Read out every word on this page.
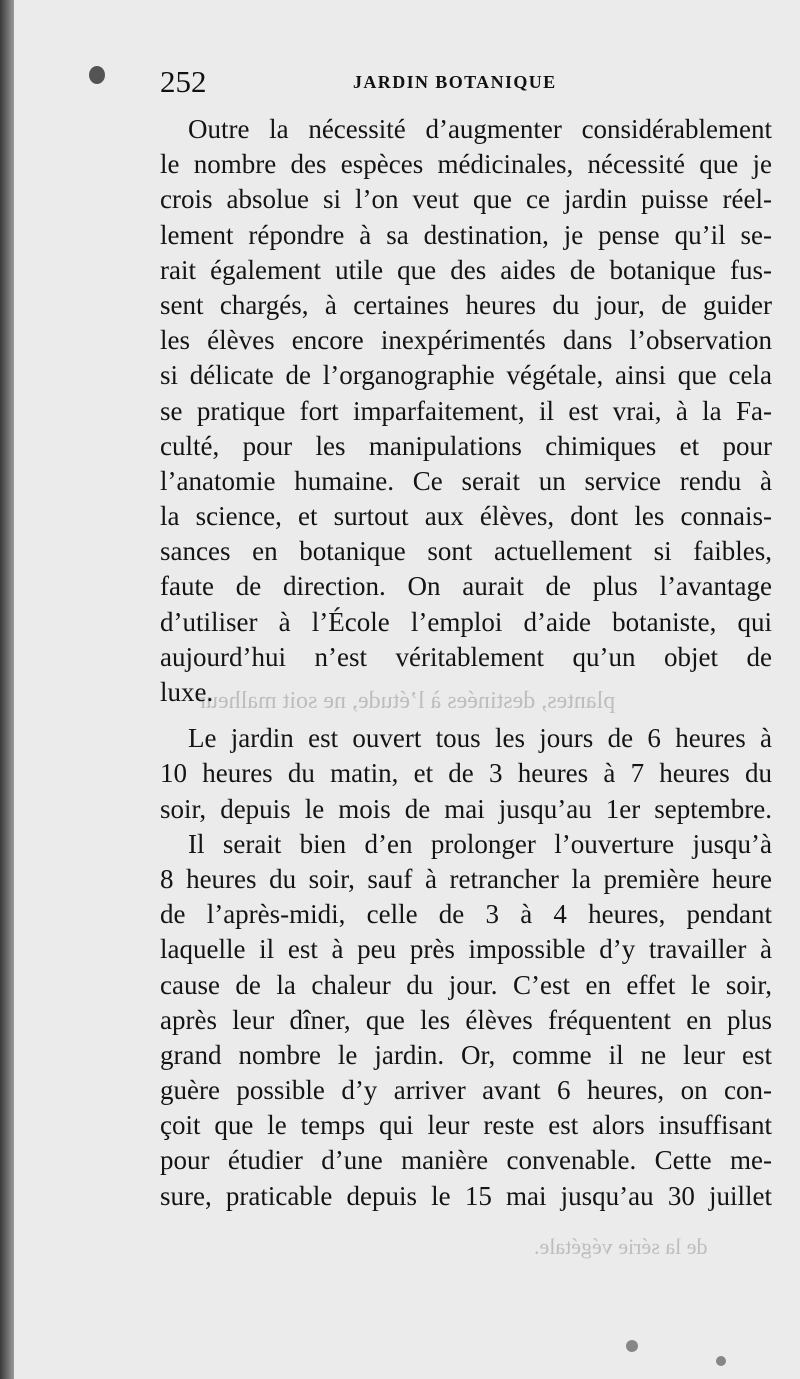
de la série végétale.
plantes, destinées à l’étude, ne soit malheur
252	JARDIN BOTANIQUE
Outre la nécessité d’augmenter considérablement
le nombre des espèces médicinales, nécessité que je
crois absolue si l’on veut que ce jardin puisse réel-
lement répondre à sa destination, je pense qu’il se-
rait également utile que des aides de botanique fus-
sent chargés, à certaines heures du jour, de guider
les élèves encore inexpérimentés dans l’observation
si délicate de l’organographie végétale, ainsi que cela
se pratique fort imparfaitement, il est vrai, à la Fa-
culté, pour les manipulations chimiques et pour
l’anatomie humaine. Ce serait un service rendu à
la science, et surtout aux élèves, dont les connais-
sances en botanique sont actuellement si faibles,
faute de direction. On aurait de plus l’avantage
d’utiliser à l’École l’emploi d’aide botaniste, qui
aujourd’hui n’est véritablement qu’un objet de
luxe.
Le jardin est ouvert tous les jours de 6 heures à
10 heures du matin, et de 3 heures à 7 heures du
soir, depuis le mois de mai jusqu’au 1er septembre.
Il serait bien d’en prolonger l’ouverture jusqu’à
8 heures du soir, sauf à retrancher la première heure
de l’après-midi, celle de 3 à 4 heures, pendant
laquelle il est à peu près impossible d’y travailler à
cause de la chaleur du jour. C’est en effet le soir,
après leur dîner, que les élèves fréquentent en plus
grand nombre le jardin. Or, comme il ne leur est
guère possible d’y arriver avant 6 heures, on con-
çoit que le temps qui leur reste est alors insuffisant
pour étudier d’une manière convenable. Cette me-
sure, praticable depuis le 15 mai jusqu’au 30 juillet
